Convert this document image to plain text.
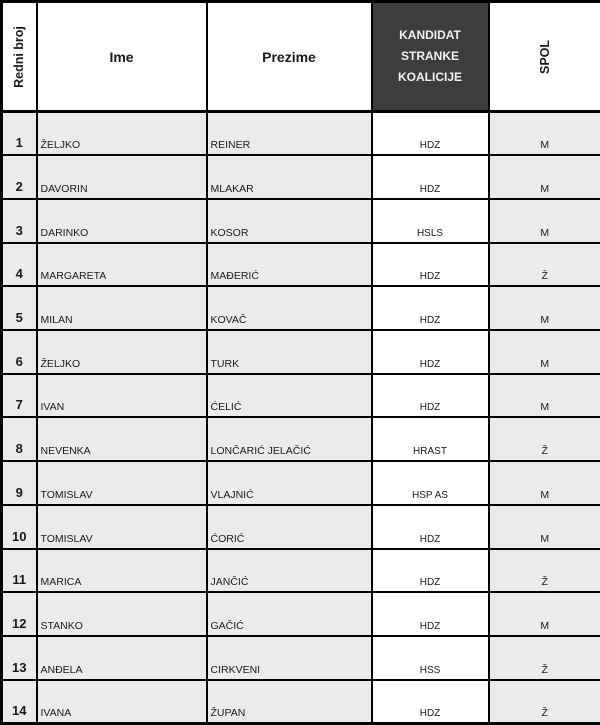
Redni broj	Ime	Prezime	KANDIDAT STRANKE KOALICIJE	SPOL

1	ŽELJKO	REINER	HDZ	M
2	DAVORIN	MLAKAR	HDZ	M
3	DARINKO	KOSOR	HSLS	M
4	MARGARETA	MAĐERIĆ	HDZ	Ž
5	MILAN	KOVAČ	HDZ	M
6	ŽELJKO	TURK	HDZ	M
7	IVAN	ĆELIĆ	HDZ	M
8	NEVENKA	LONČARIĆ JELAČIĆ	HRAST	Ž
9	TOMISLAV	VLAJNIĆ	HSP AS	M
10	TOMISLAV	ĆORIĆ	HDZ	M
11	MARICA	JANČIĆ	HDZ	Ž
12	STANKO	GAČIĆ	HDZ	M
13	ANĐELA	CIRKVENI	HSS	Ž
14	IVANA	ŽUPAN	HDZ	Ž
